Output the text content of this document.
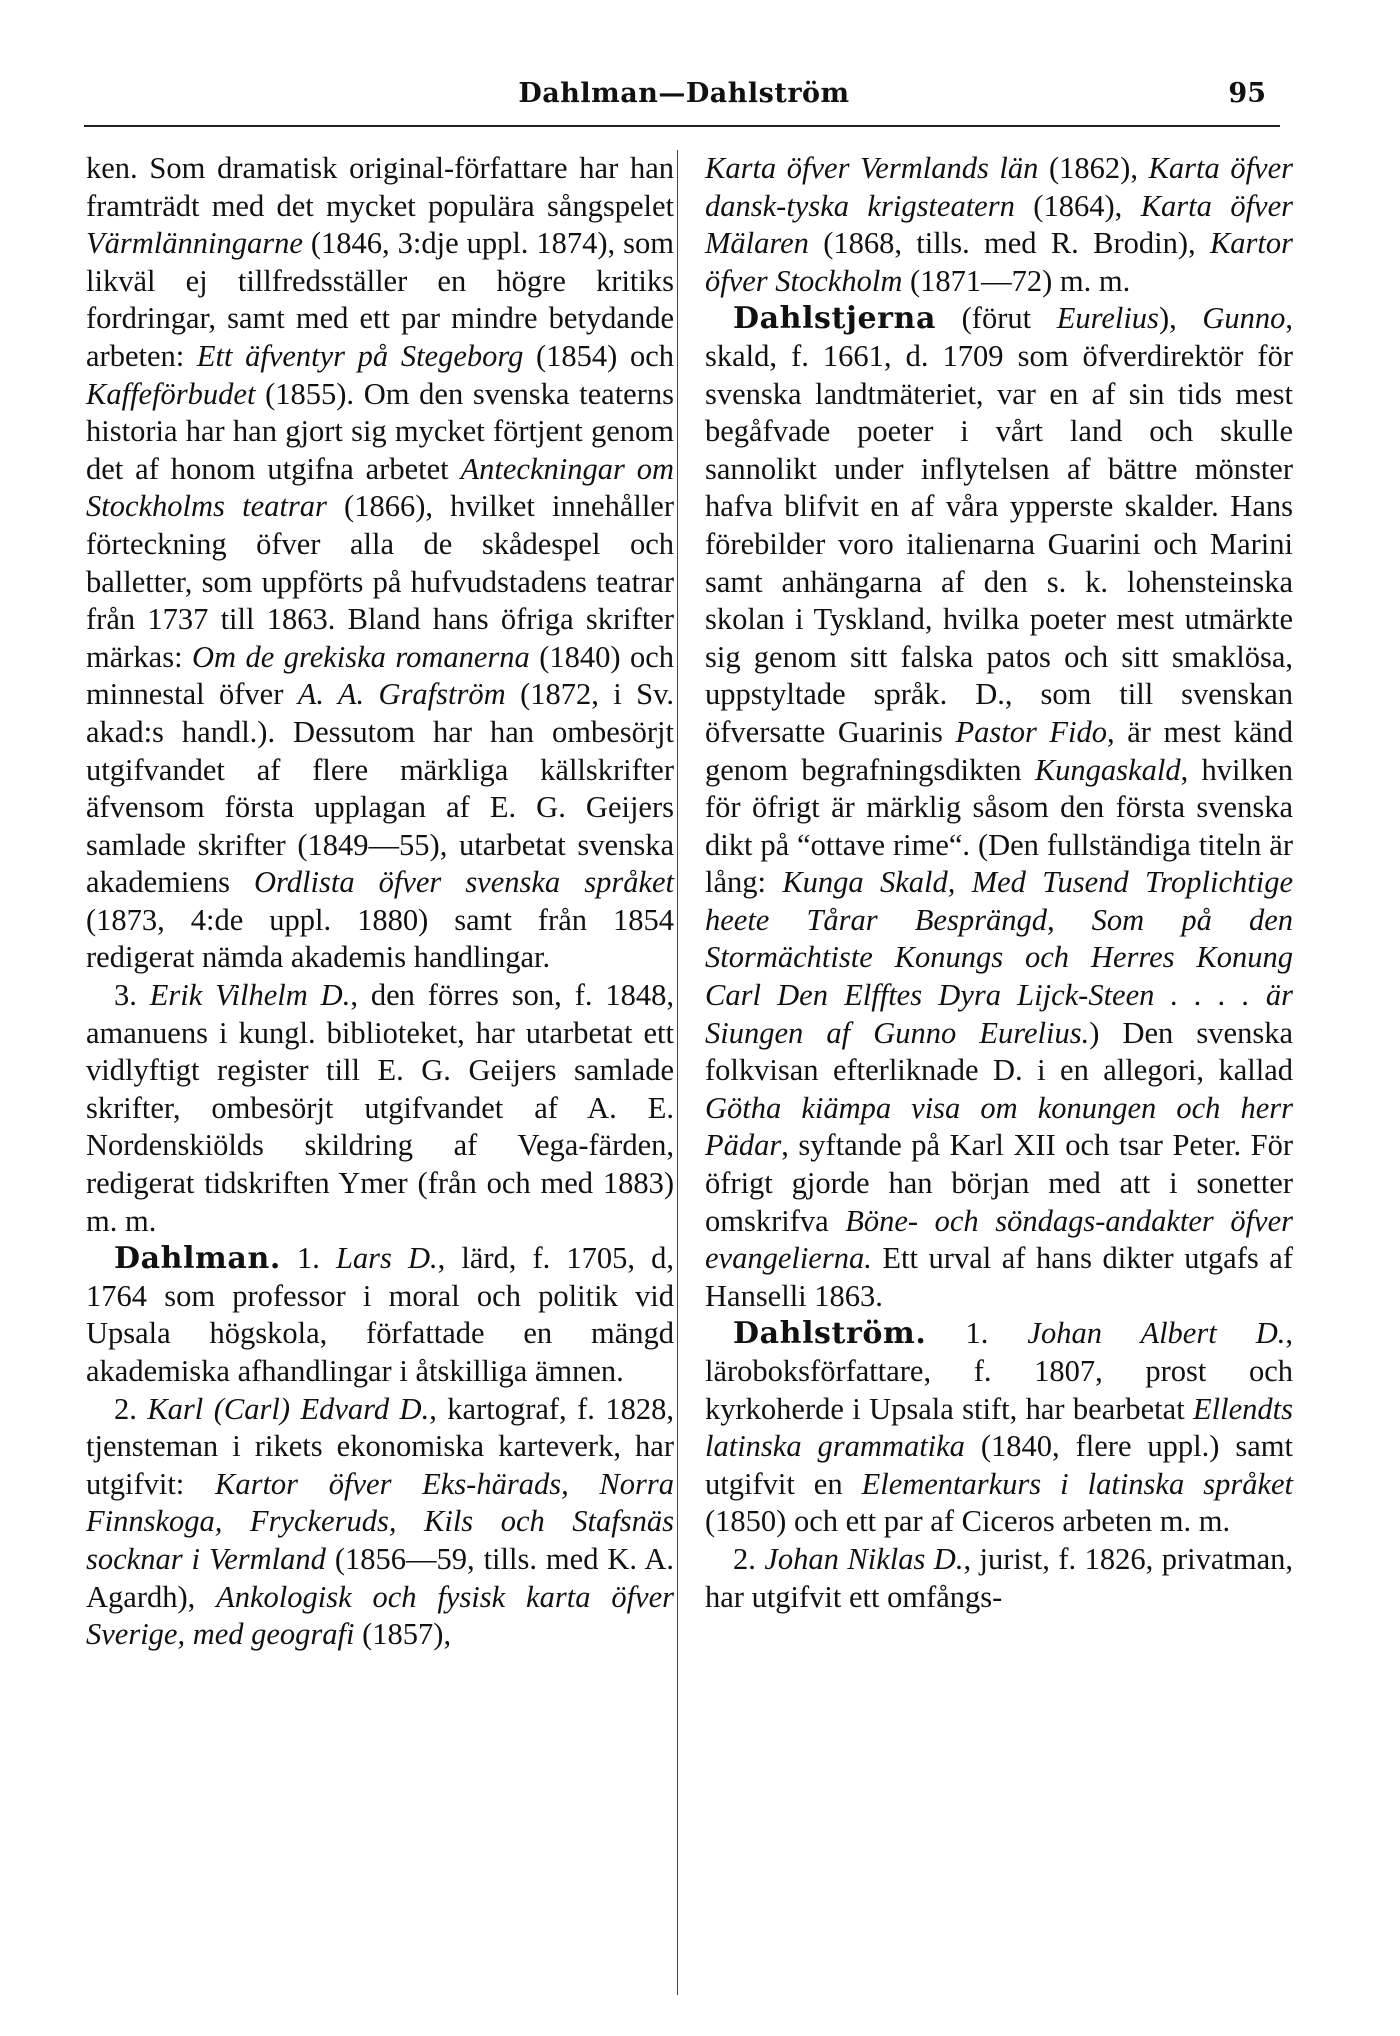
Dahlman—Dahlström	95

ken. Som dramatisk original-författare har han framträdt med det mycket populära sångspelet Värmlänningarne (1846, 3:dje uppl. 1874), som likväl ej tillfredsställer en högre kritiks fordringar, samt med ett par mindre betydande arbeten: Ett äfventyr på Stegeborg (1854) och Kaffeförbudet (1855). Om den svenska teaterns historia har han gjort sig mycket förtjent genom det af honom utgifna arbetet Anteckningar om Stockholms teatrar (1866), hvilket innehåller förteckning öfver alla de skådespel och balletter, som uppförts på hufvudstadens teatrar från 1737 till 1863. Bland hans öfriga skrifter märkas: Om de grekiska romanerna (1840) och minnestal öfver A. A. Grafström (1872, i Sv. akad:s handl.). Dessutom har han ombesörjt utgifvandet af flere märkliga källskrifter äfvensom första upplagan af E. G. Geijers samlade skrifter (1849—55), utarbetat svenska akademiens Ordlista öfver svenska språket (1873, 4:de uppl. 1880) samt från 1854 redigerat nämda akademis handlingar.

3. Erik Vilhelm D., den förres son, f. 1848, amanuens i kungl. biblioteket, har utarbetat ett vidlyftigt register till E. G. Geijers samlade skrifter, ombesörjt utgifvandet af A. E. Nordenskiölds skildring af Vega-färden, redigerat tidskriften Ymer (från och med 1883) m. m.

Dahlman. 1. Lars D., lärd, f. 1705, d, 1764 som professor i moral och politik vid Upsala högskola, författade en mängd akademiska afhandlingar i åtskilliga ämnen.

2. Karl (Carl) Edvard D., kartograf, f. 1828, tjensteman i rikets ekonomiska karteverk, har utgifvit: Kartor öfver Eks-härads, Norra Finnskoga, Fryckeruds, Kils och Stafsnäs socknar i Vermland (1856—59, tills. med K. A. Agardh), Ankologisk och fysisk karta öfver Sverige, med geografi (1857),

Karta öfver Vermlands län (1862), Karta öfver dansk-tyska krigsteatern (1864), Karta öfver Mälaren (1868, tills. med R. Brodin), Kartor öfver Stockholm (1871—72) m. m.

Dahlstjerna (förut Eurelius), Gunno, skald, f. 1661, d. 1709 som öfverdirektör för svenska landtmäteriet, var en af sin tids mest begåfvade poeter i vårt land och skulle sannolikt under inflytelsen af bättre mönster hafva blifvit en af våra ypperste skalder. Hans förebilder voro italienarna Guarini och Marini samt anhängarna af den s. k. lohensteinska skolan i Tyskland, hvilka poeter mest utmärkte sig genom sitt falska patos och sitt smaklösa, uppstyltade språk. D., som till svenskan öfversatte Guarinis Pastor Fido, är mest känd genom begrafningsdikten Kungaskald, hvilken för öfrigt är märklig såsom den första svenska dikt på “ottave rime“. (Den fullständiga titeln är lång: Kunga Skald, Med Tusend Troplichtige heete Tårar Besprängd, Som på den Stormächtiste Konungs och Herres Konung Carl Den Elfftes Dyra Lijck-Steen . . . . är Siungen af Gunno Eurelius.) Den svenska folkvisan efterliknade D. i en allegori, kallad Götha kiämpa visa om konungen och herr Pädar, syftande på Karl XII och tsar Peter. För öfrigt gjorde han början med att i sonetter omskrifva Böne- och söndags-andakter öfver evangelierna. Ett urval af hans dikter utgafs af Hanselli 1863.

Dahlström. 1. Johan Albert D., läroboksförfattare, f. 1807, prost och kyrkoherde i Upsala stift, har bearbetat Ellendts latinska grammatika (1840, flere uppl.) samt utgifvit en Elementarkurs i latinska språket (1850) och ett par af Ciceros arbeten m. m.

2. Johan Niklas D., jurist, f. 1826, privatman, har utgifvit ett omfångs-
